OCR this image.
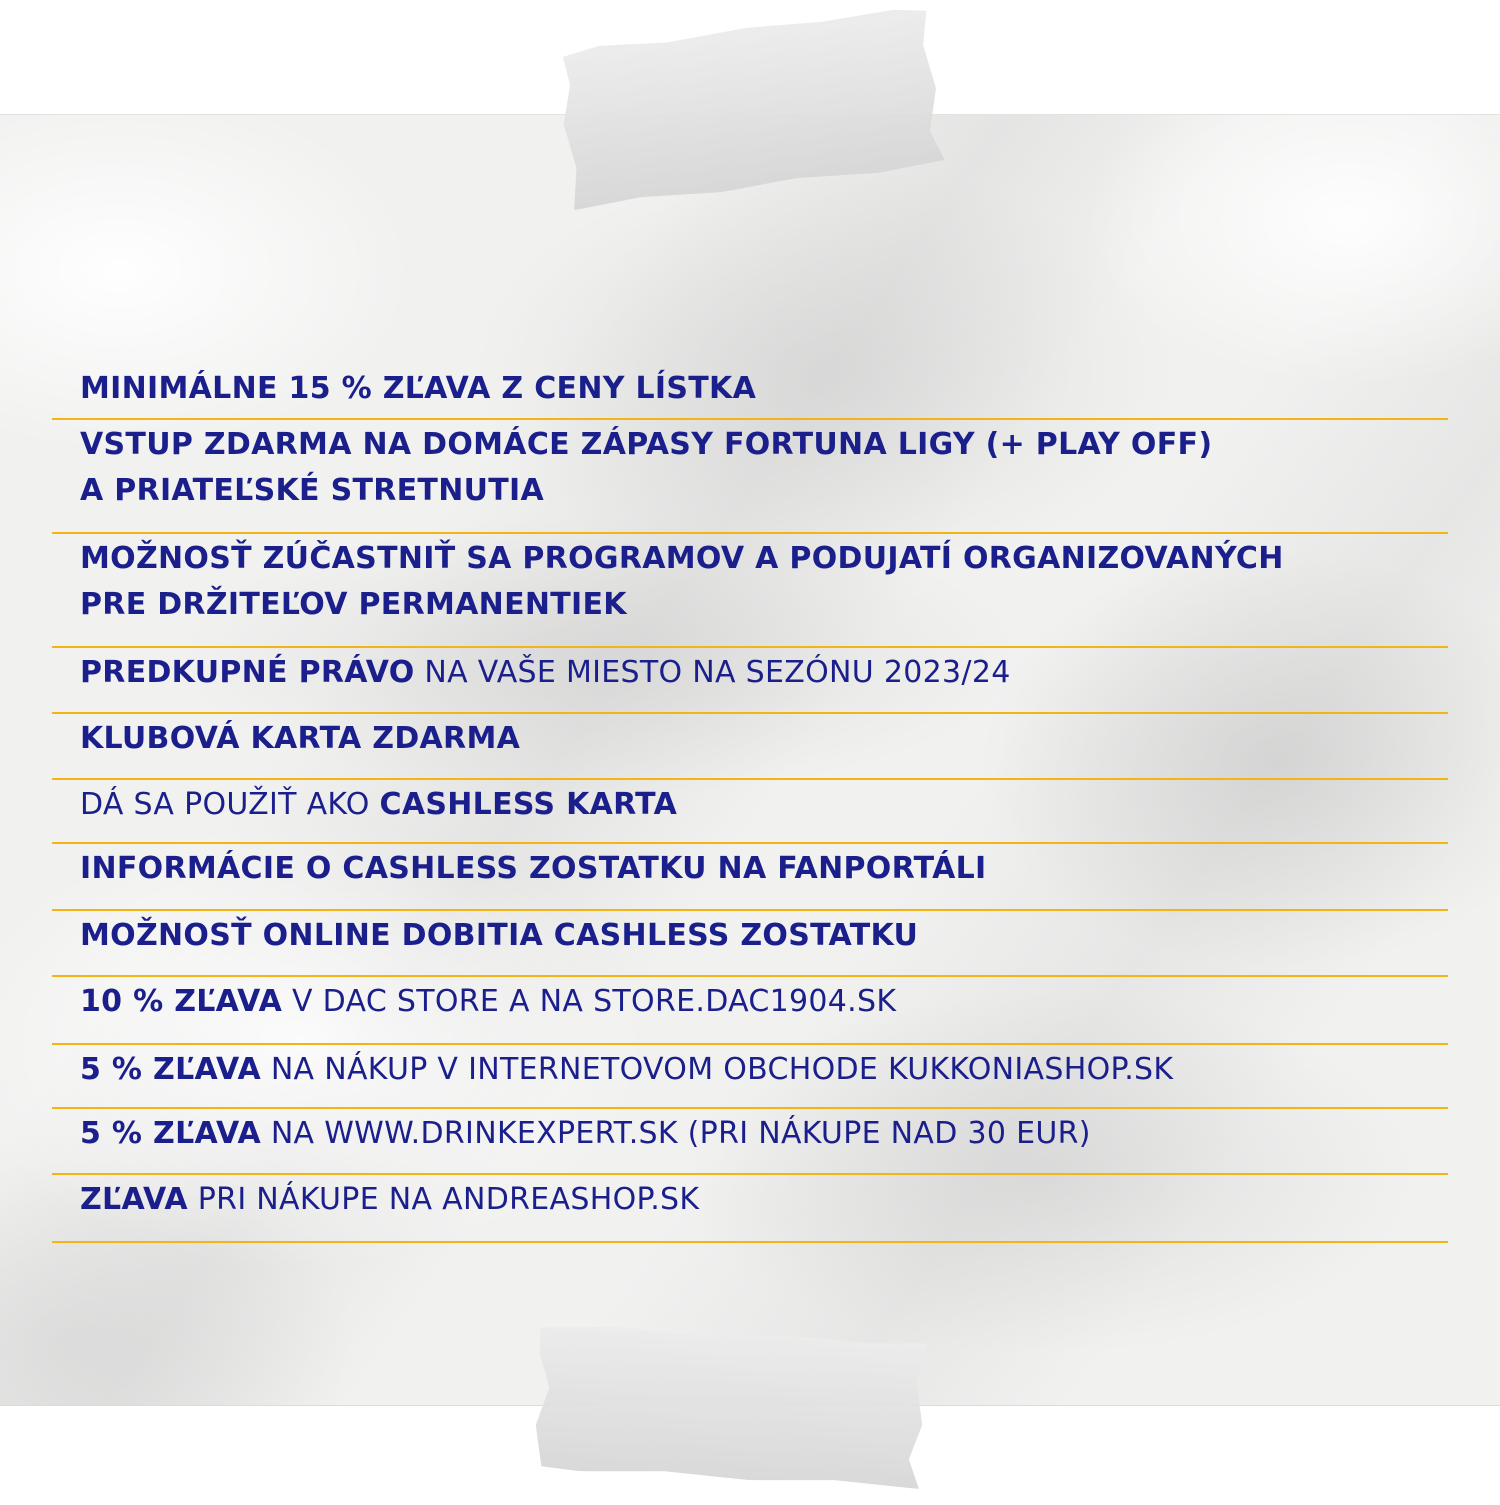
MINIMÁLNE 15 % ZĽAVA Z CENY LÍSTKA
VSTUP ZDARMA NA DOMÁCE ZÁPASY FORTUNA LIGY (+ PLAY OFF)
A PRIATEĽSKÉ STRETNUTIA
MOŽNOSŤ ZÚČASTNIŤ SA PROGRAMOV A PODUJATÍ ORGANIZOVANÝCH
PRE DRŽITEĽOV PERMANENTIEK
PREDKUPNÉ PRÁVO NA VAŠE MIESTO NA SEZÓNU 2023/24
KLUBOVÁ KARTA ZDARMA
DÁ SA POUŽIŤ AKO CASHLESS KARTA
INFORMÁCIE O CASHLESS ZOSTATKU NA FANPORTÁLI
MOŽNOSŤ ONLINE DOBITIA CASHLESS ZOSTATKU
10 % ZĽAVA V DAC STORE A NA STORE.DAC1904.SK
5 % ZĽAVA NA NÁKUP V INTERNETOVOM OBCHODE KUKKONIASHOP.SK
5 % ZĽAVA NA WWW.DRINKEXPERT.SK (PRI NÁKUPE NAD 30 EUR)
ZĽAVA PRI NÁKUPE NA ANDREASHOP.SK
